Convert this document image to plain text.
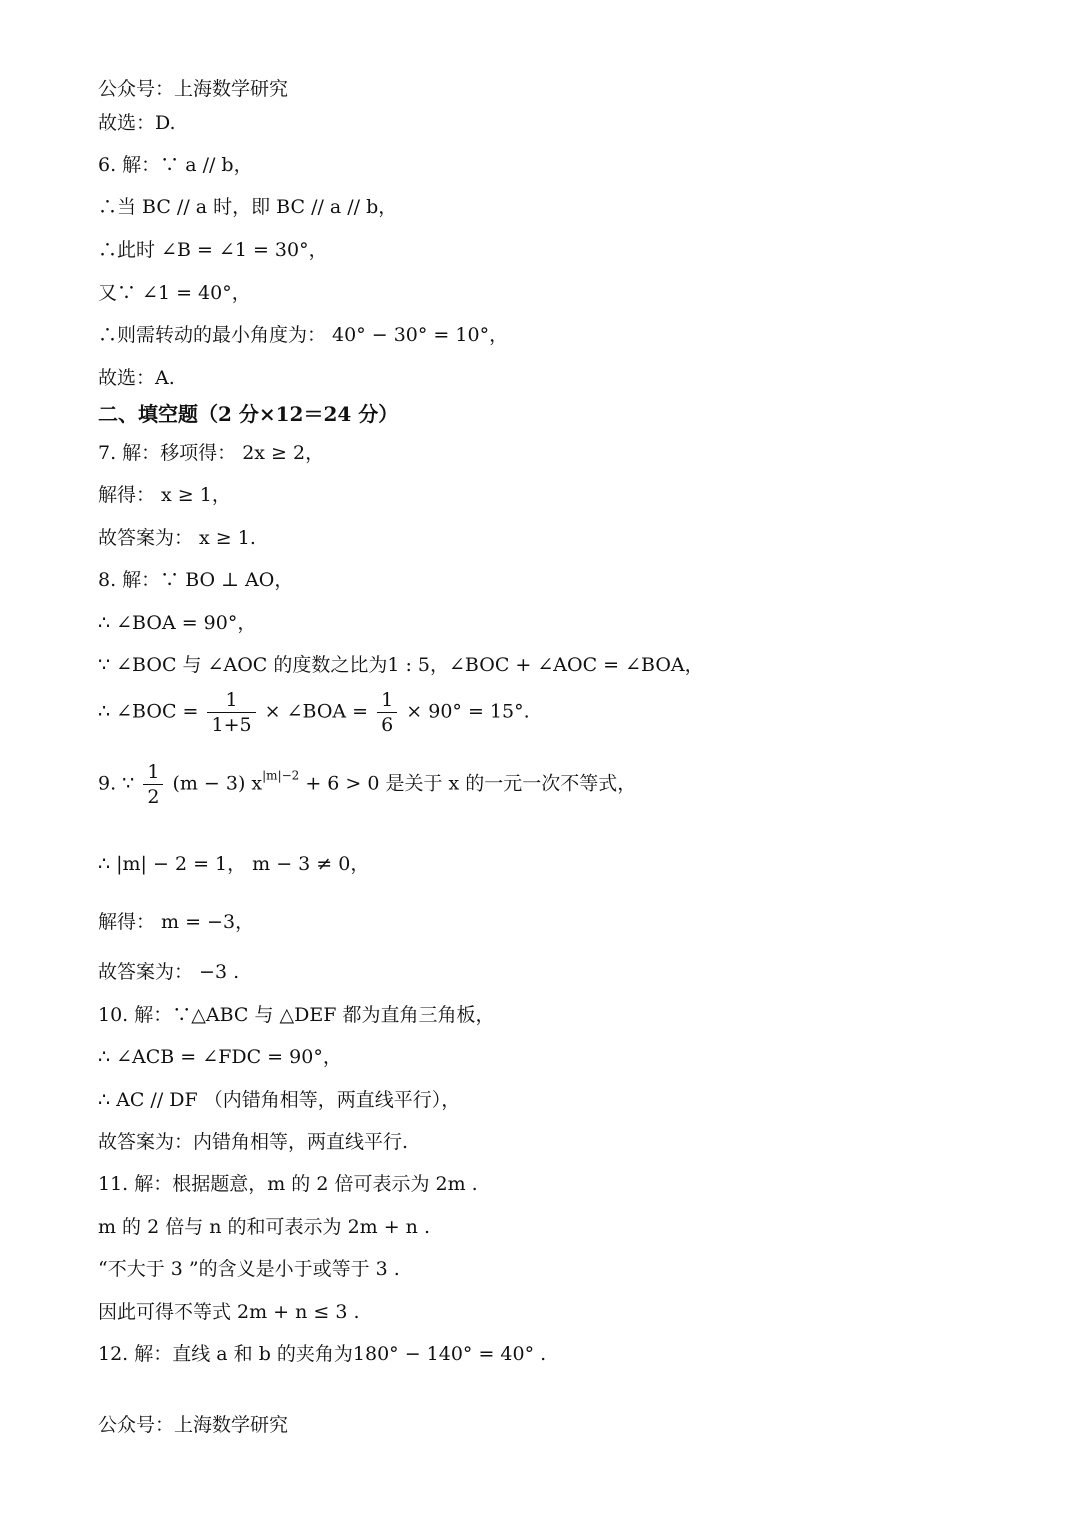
公众号：上海数学研究
故选：D.
6. 解：∵ a // b，
∴当 BC // a 时，即 BC // a // b，
∴此时 ∠B = ∠1 = 30°，
又∵ ∠1 = 40°，
∴则需转动的最小角度为： 40° − 30° = 10°，
故选：A.
二、填空题（2 分×12＝24 分）
7. 解：移项得： 2x ≥ 2，
解得： x ≥ 1，
故答案为： x ≥ 1.
8. 解：∵ BO ⊥ AO，
∴ ∠BOA = 90°，
∵ ∠BOC 与 ∠AOC 的度数之比为1 : 5，∠BOC + ∠AOC = ∠BOA，
∴ ∠BOC = $\frac{1}{1+5}$ × ∠BOA = $\frac{1}{6} \times 90^\circ = 15^\circ$.
9. ∵ $\frac{1}{2} (m - 3) x^{|m|-2} + 6 > 0$ 是关于 x 的一元一次不等式，
∴ |m| − 2 = 1， m − 3 ≠ 0，
解得： m = −3，
故答案为： −3 .
10. 解：∵△ABC 与 △DEF 都为直角三角板，
∴ ∠ACB = ∠FDC = 90°，
∴ AC // DF （内错角相等，两直线平行），
故答案为：内错角相等，两直线平行.
11. 解：根据题意，m 的 2 倍可表示为 2m .
m 的 2 倍与 n 的和可表示为 2m + n .
“不大于 3 ”的含义是小于或等于 3 .
因此可得不等式 2m + n ≤ 3 .
12. 解：直线 a 和 b 的夹角为180° − 140° = 40° .
公众号：上海数学研究
